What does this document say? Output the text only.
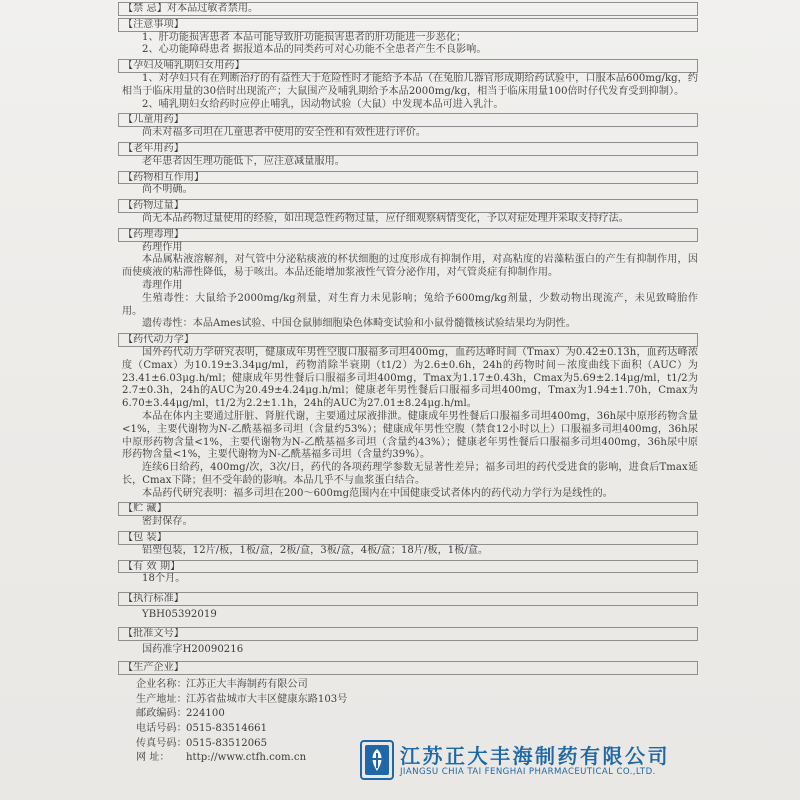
【禁 忌】对本品过敏者禁用。
【注意事项】

1、肝功能损害患者 本品可能导致肝功能损害患者的肝功能进一步恶化；

2、心功能障碍患者 据报道本品的同类药可对心功能不全患者产生不良影响。

【孕妇及哺乳期妇女用药】

1、对孕妇只有在判断治疗的有益性大于危险性时才能给予本品（在兔胎儿器官形成期给药试验中，口服本品600mg/kg，约相当于临床用量的30倍时出现流产；大鼠围产及哺乳期给予本品2000mg/kg，相当于临床用量100倍时仔代发育受到抑制）。

2、哺乳期妇女给药时应停止哺乳，因动物试验（大鼠）中发现本品可进入乳汁。

【儿童用药】

尚未对福多司坦在儿童患者中使用的安全性和有效性进行评价。

【老年用药】

老年患者因生理功能低下，应注意减量服用。

【药物相互作用】

尚不明确。

【药物过量】

尚无本品药物过量使用的经验，如出现急性药物过量，应仔细观察病情变化，予以对症处理并采取支持疗法。

【药理毒理】

药理作用

本品属粘液溶解剂，对气管中分泌粘痰液的杯状细胞的过度形成有抑制作用，对高粘度的岩藻粘蛋白的产生有抑制作用，因而使痰液的粘滞性降低，易于咳出。本品还能增加浆液性气管分泌作用，对气管炎症有抑制作用。

毒理作用

生殖毒性：大鼠给予2000mg/kg剂量，对生育力未见影响；兔给予600mg/kg剂量，少数动物出现流产，未见致畸胎作用。

遗传毒性：本品Ames试验、中国仓鼠肺细胞染色体畸变试验和小鼠骨髓微核试验结果均为阴性。

【药代动力学】

国外药代动力学研究表明，健康成年男性空腹口服福多司坦400mg，血药达峰时间（Tmax）为0.42±0.13h，血药达峰浓度（Cmax）为10.19±3.34μg/ml，药物消除半衰期（t1/2）为2.6±0.6h，24h的药物时间－浓度曲线下面积（AUC）为23.41±6.03μg.h/ml；健康成年男性餐后口服福多司坦400mg，Tmax为1.17±0.43h，Cmax为5.69±2.14μg/ml，t1/2为2.7±0.3h，24h的AUC为20.49±4.24μg.h/ml；健康老年男性餐后口服福多司坦400mg，Tmax为1.94±1.70h，Cmax为6.70±3.44μg/ml，t1/2为2.2±1.1h，24h的AUC为27.01±8.24μg.h/ml。

本品在体内主要通过肝脏、肾脏代谢，主要通过尿液排泄。健康成年男性餐后口服福多司坦400mg，36h尿中原形药物含量<1%，主要代谢物为N-乙酰基福多司坦（含量约53%）；健康成年男性空腹（禁食12小时以上）口服福多司坦400mg，36h尿中原形药物含量<1%，主要代谢物为N-乙酰基福多司坦（含量约43%）；健康老年男性餐后口服福多司坦400mg，36h尿中原形药物含量<1%，主要代谢物为N-乙酰基福多司坦（含量约39%）。

连续6日给药，400mg/次，3次/日，药代的各项药理学参数无显著性差异；福多司坦的药代受进食的影响，进食后Tmax延长，Cmax下降；但不受年龄的影响。本品几乎不与血浆蛋白结合。

本品药代研究表明：福多司坦在200～600mg范围内在中国健康受试者体内的药代动力学行为是线性的。

【贮 藏】

密封保存。

【包 装】

铝塑包装，12片/板，1板/盒，2板/盒，3板/盒，4板/盒；18片/板，1板/盒。

【有 效 期】

18个月。

【执行标准】

YBH05392019

【批准文号】

国药准字H20090216

【生产企业】
企业名称：江苏正大丰海制药有限公司
生产地址：江苏省盐城市大丰区健康东路103号
邮政编码：224100
电话号码：0515-83514661
传真号码：0515-83512065
网 址： http://www.ctfh.com.cn	江苏正大丰海制药有限公司
JIANGSU CHIA TAI FENGHAI PHARMACEUTICAL CO.,LTD.
